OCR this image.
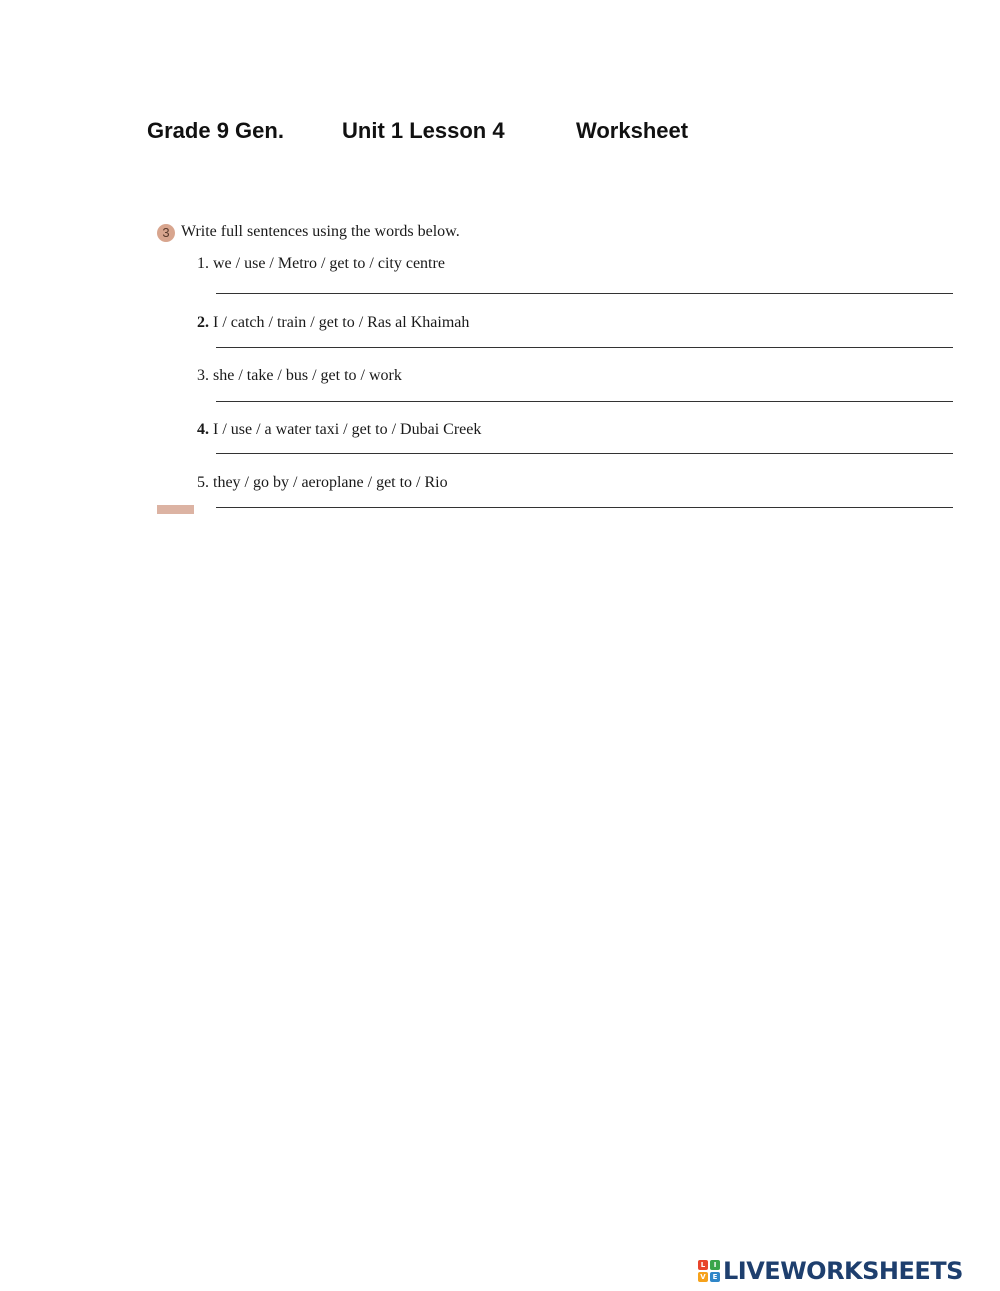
Grade 9 Gen.	Unit 1 Lesson 4	Worksheet
3 Write full sentences using the words below.
1. we / use / Metro / get to / city centre
2. I / catch / train / get to / Ras al Khaimah
3. she / take / bus / get to / work
4. I / use / a water taxi / get to / Dubai Creek
5. they / go by / aeroplane / get to / Rio
L	I
V E LIVEWORKSHEETS
